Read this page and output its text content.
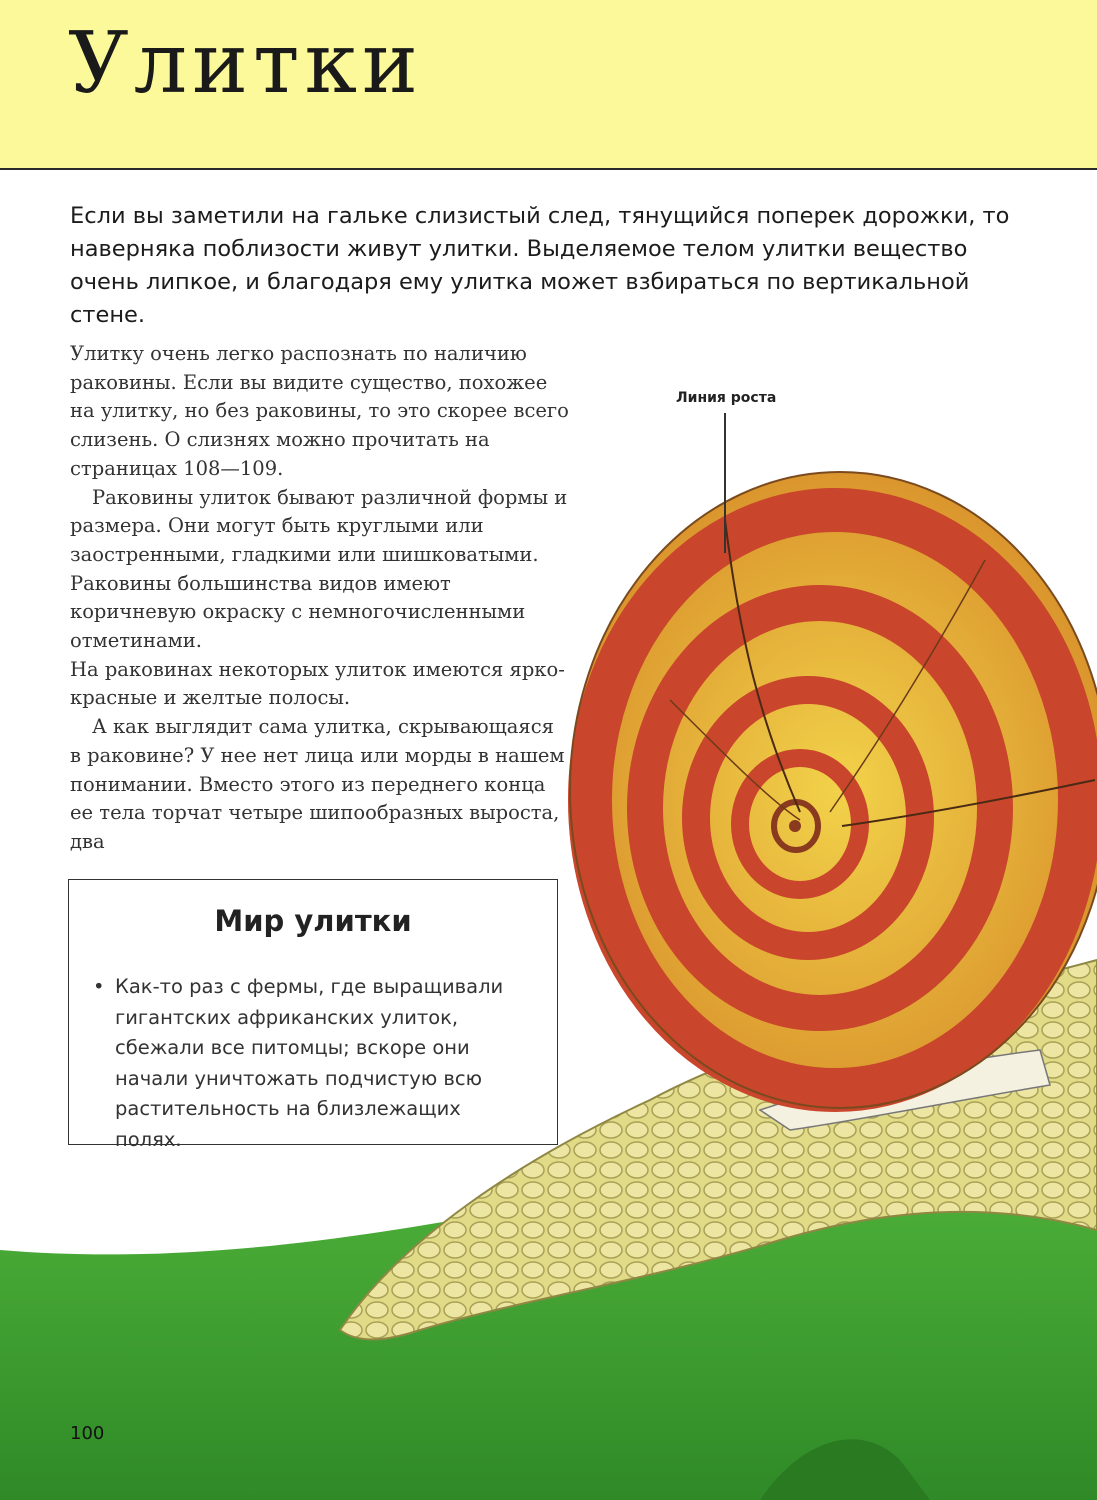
Улитки

Если вы заметили на гальке слизистый след, тянущийся поперек дорожки, то наверняка поблизости живут улитки. Выделяемое телом улитки вещество очень липкое, и благодаря ему улитка может взбираться по вертикальной стене.

Линия роста

Улитку очень легко распознать по наличию раковины. Если вы видите существо, похожее на улитку, но без раковины, то это скорее всего слизень. О слизнях можно прочитать на страницах 108—109.

Раковины улиток бывают различной формы и размера. Они могут быть круглыми или заостренными, гладкими или шишковатыми. Раковины большинства видов имеют коричневую окраску с немногочисленными отметинами.

На раковинах некоторых улиток имеются ярко-красные и желтые полосы.

А как выглядит сама улитка, скрывающаяся в раковине? У нее нет лица или морды в нашем понимании. Вместо этого из переднего конца ее тела торчат четыре шипообразных выроста, два

Мир улитки
• Как-то раз с фермы, где выращивали гигантских африканских улиток, сбежали все питомцы; вскоре они начали уничтожать подчистую всю растительность на близлежащих полях.
100
